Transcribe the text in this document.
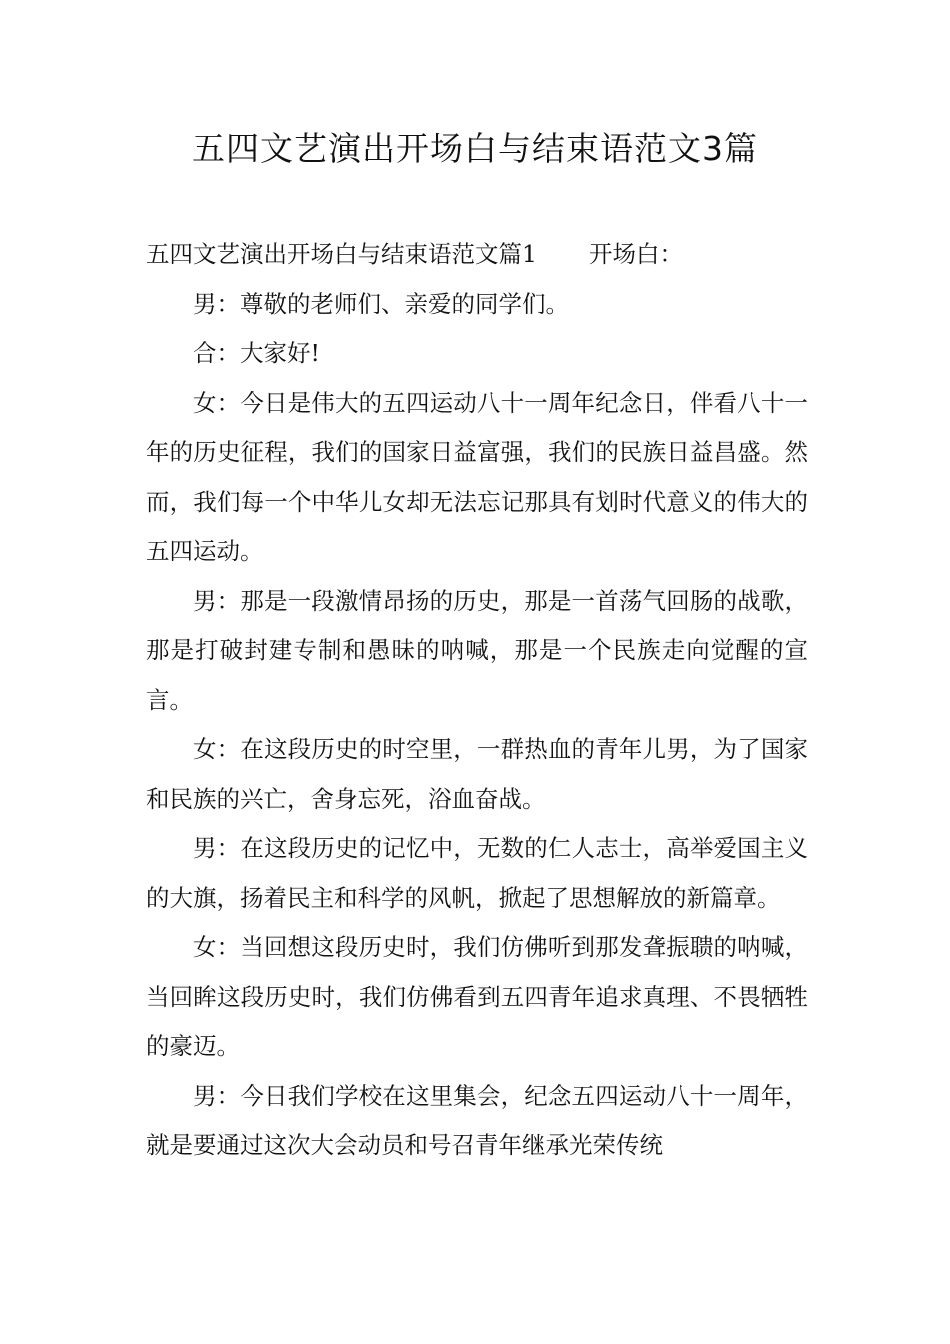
五四文艺演出开场白与结束语范文3篇

五四文艺演出开场白与结束语范文篇1 开场白：

男：尊敬的老师们、亲爱的同学们。

合：大家好!

女：今日是伟大的五四运动八十一周年纪念日，伴看八十一年的历史征程，我们的国家日益富强，我们的民族日益昌盛。然而，我们每一个中华儿女却无法忘记那具有划时代意义的伟大的五四运动。

男：那是一段激情昂扬的历史，那是一首荡气回肠的战歌，那是打破封建专制和愚昧的呐喊，那是一个民族走向觉醒的宣言。

女：在这段历史的时空里，一群热血的青年儿男，为了国家和民族的兴亡，舍身忘死，浴血奋战。

男：在这段历史的记忆中，无数的仁人志士，高举爱国主义的大旗，扬着民主和科学的风帆，掀起了思想解放的新篇章。

女：当回想这段历史时，我们仿佛听到那发聋振聩的呐喊，当回眸这段历史时，我们仿佛看到五四青年追求真理、不畏牺牲的豪迈。

男：今日我们学校在这里集会，纪念五四运动八十一周年，就是要通过这次大会动员和号召青年继承光荣传统
